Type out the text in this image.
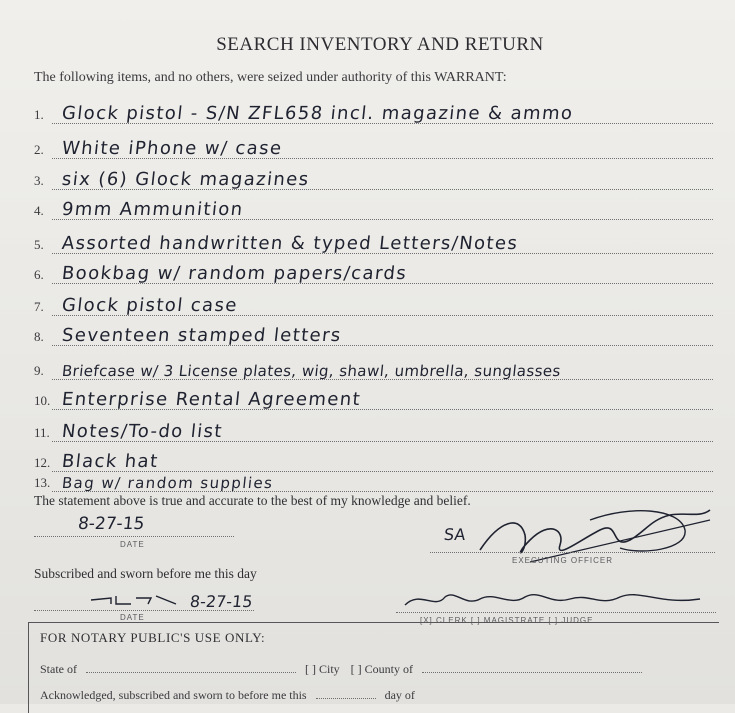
SEARCH INVENTORY AND RETURN
The following items, and no others, were seized under authority of this WARRANT:
1. Glock pistol - S/N ZFL658 incl. magazine & ammo
2. White iPhone w/ case
3. six (6) Glock magazines
4. 9mm Ammunition
5. Assorted handwritten & typed Letters/Notes
6. Bookbag w/ random papers/cards
7. Glock pistol case
8. Seventeen stamped letters
9. Briefcase w/ 3 License plates, wig, shawl, umbrella, sunglasses
10. Enterprise Rental Agreement
11. Notes/To-do list
12. Black hat
13. Bag w/ random supplies
The statement above is true and accurate to the best of my knowledge and belief.
8-27-15
DATE
SA
EXECUTING OFFICER
Subscribed and sworn before me this day
8-27-15
DATE	[X] CLERK [ ] MAGISTRATE [ ] JUDGE
FOR NOTARY PUBLIC'S USE ONLY:
State of	[ ] City [ ] County of
Acknowledged, subscribed and sworn to before me this	day of
